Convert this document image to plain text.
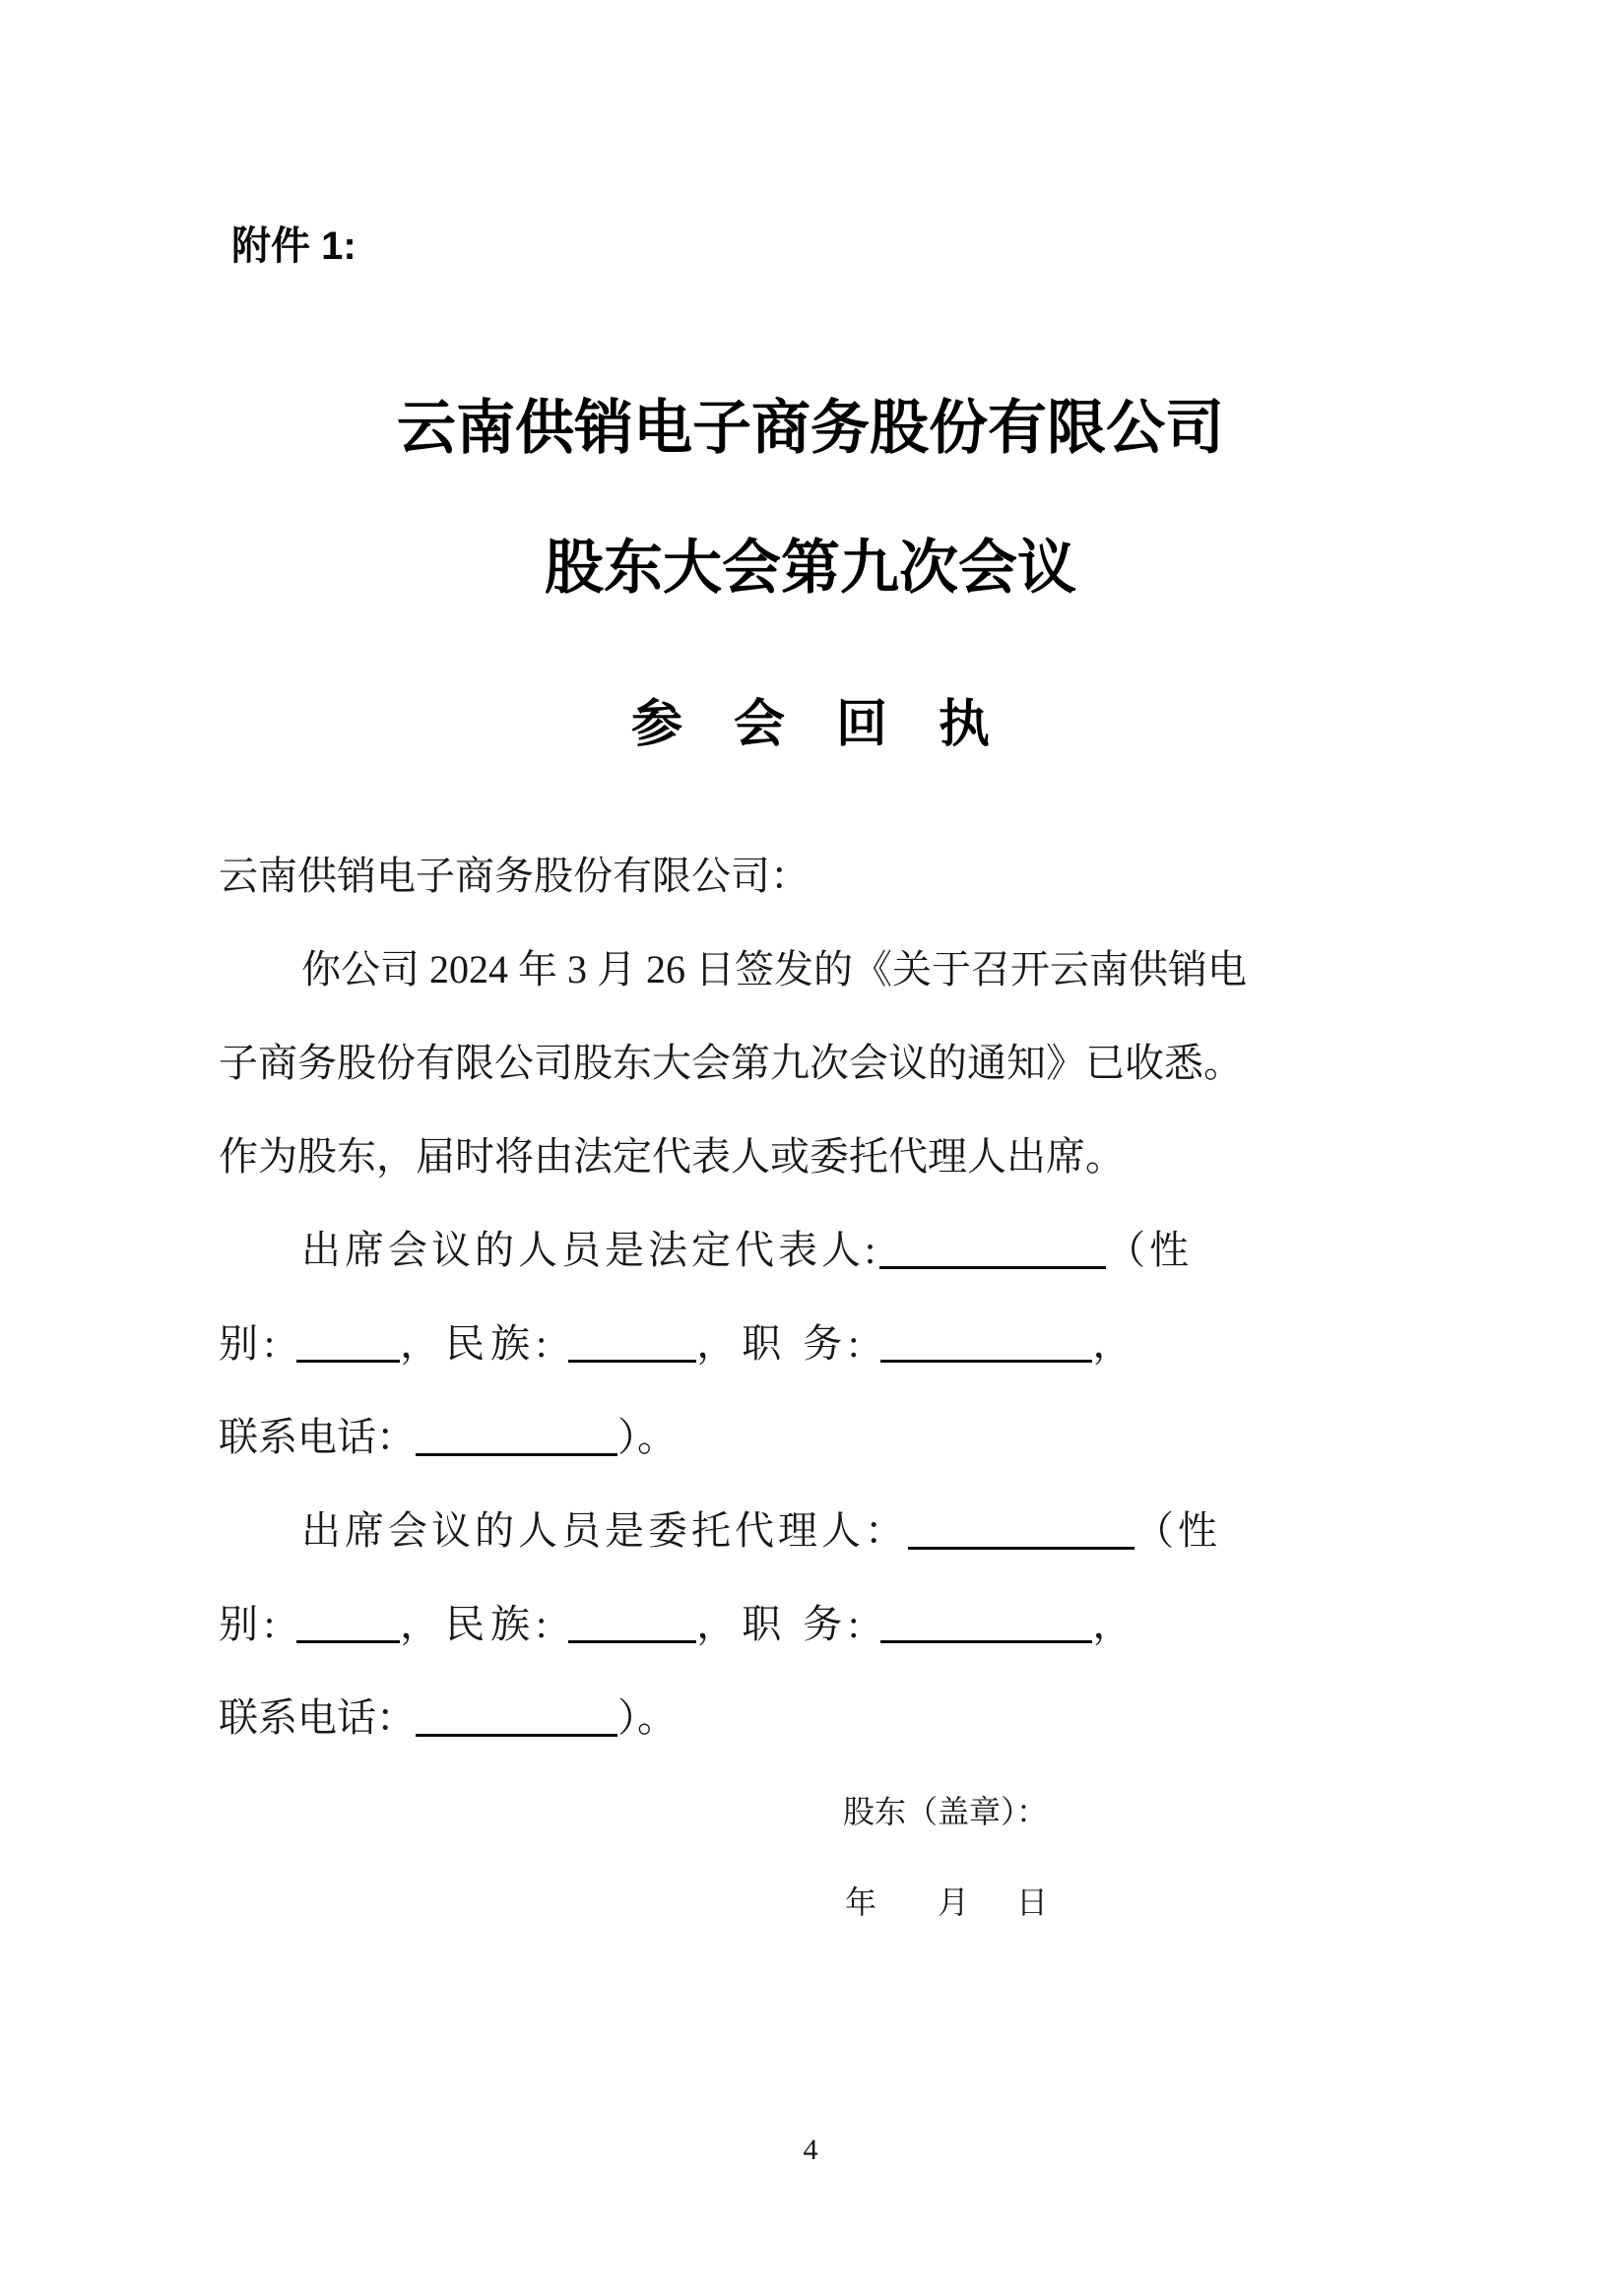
附件 1:
云南供销电子商务股份有限公司
股东大会第九次会议
参　会　回　执
云南供销电子商务股份有限公司：
你公司 2024 年 3 月 26 日签发的《关于召开云南供销电
子商务股份有限公司股东大会第九次会议的通知》已收悉。
作为股东，届时将由法定代表人或委托代理人出席。
出席会议的人员是法定代表人:	（性
别:	，民族:	，职 务:	，
联系电话：	）。
出席会议的人员是委托代理人：	（性
别:	，民族:	，职 务:	，
联系电话：	）。
股东（盖章）：
年 月 日
4
